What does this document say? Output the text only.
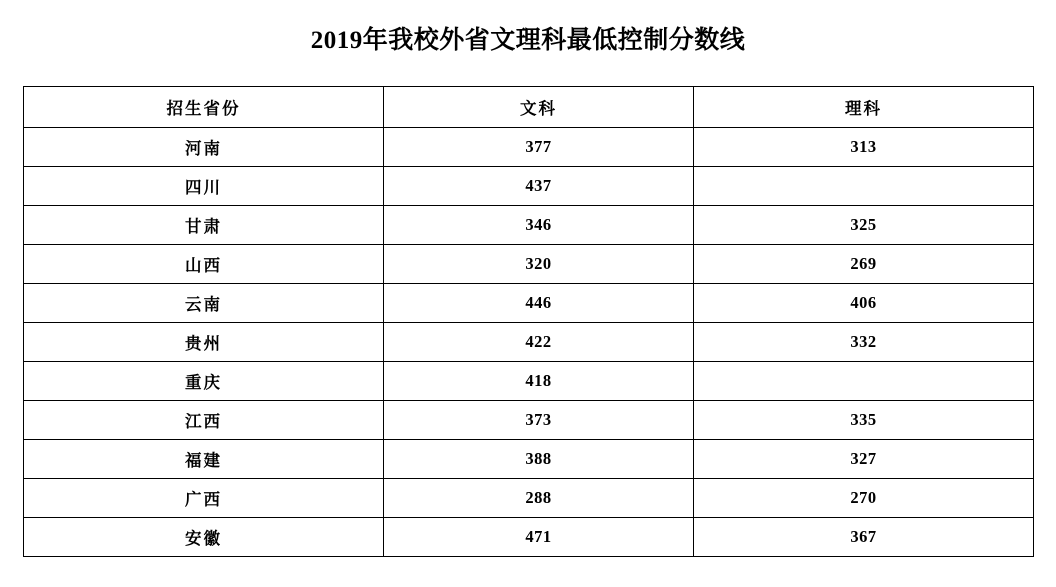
2019年我校外省文理科最低控制分数线
招生省份	文科	理科
河南	377	313
四川	437	
甘肃	346	325
山西	320	269
云南	446	406
贵州	422	332
重庆	418	
江西	373	335
福建	388	327
广西	288	270
安徽	471	367
